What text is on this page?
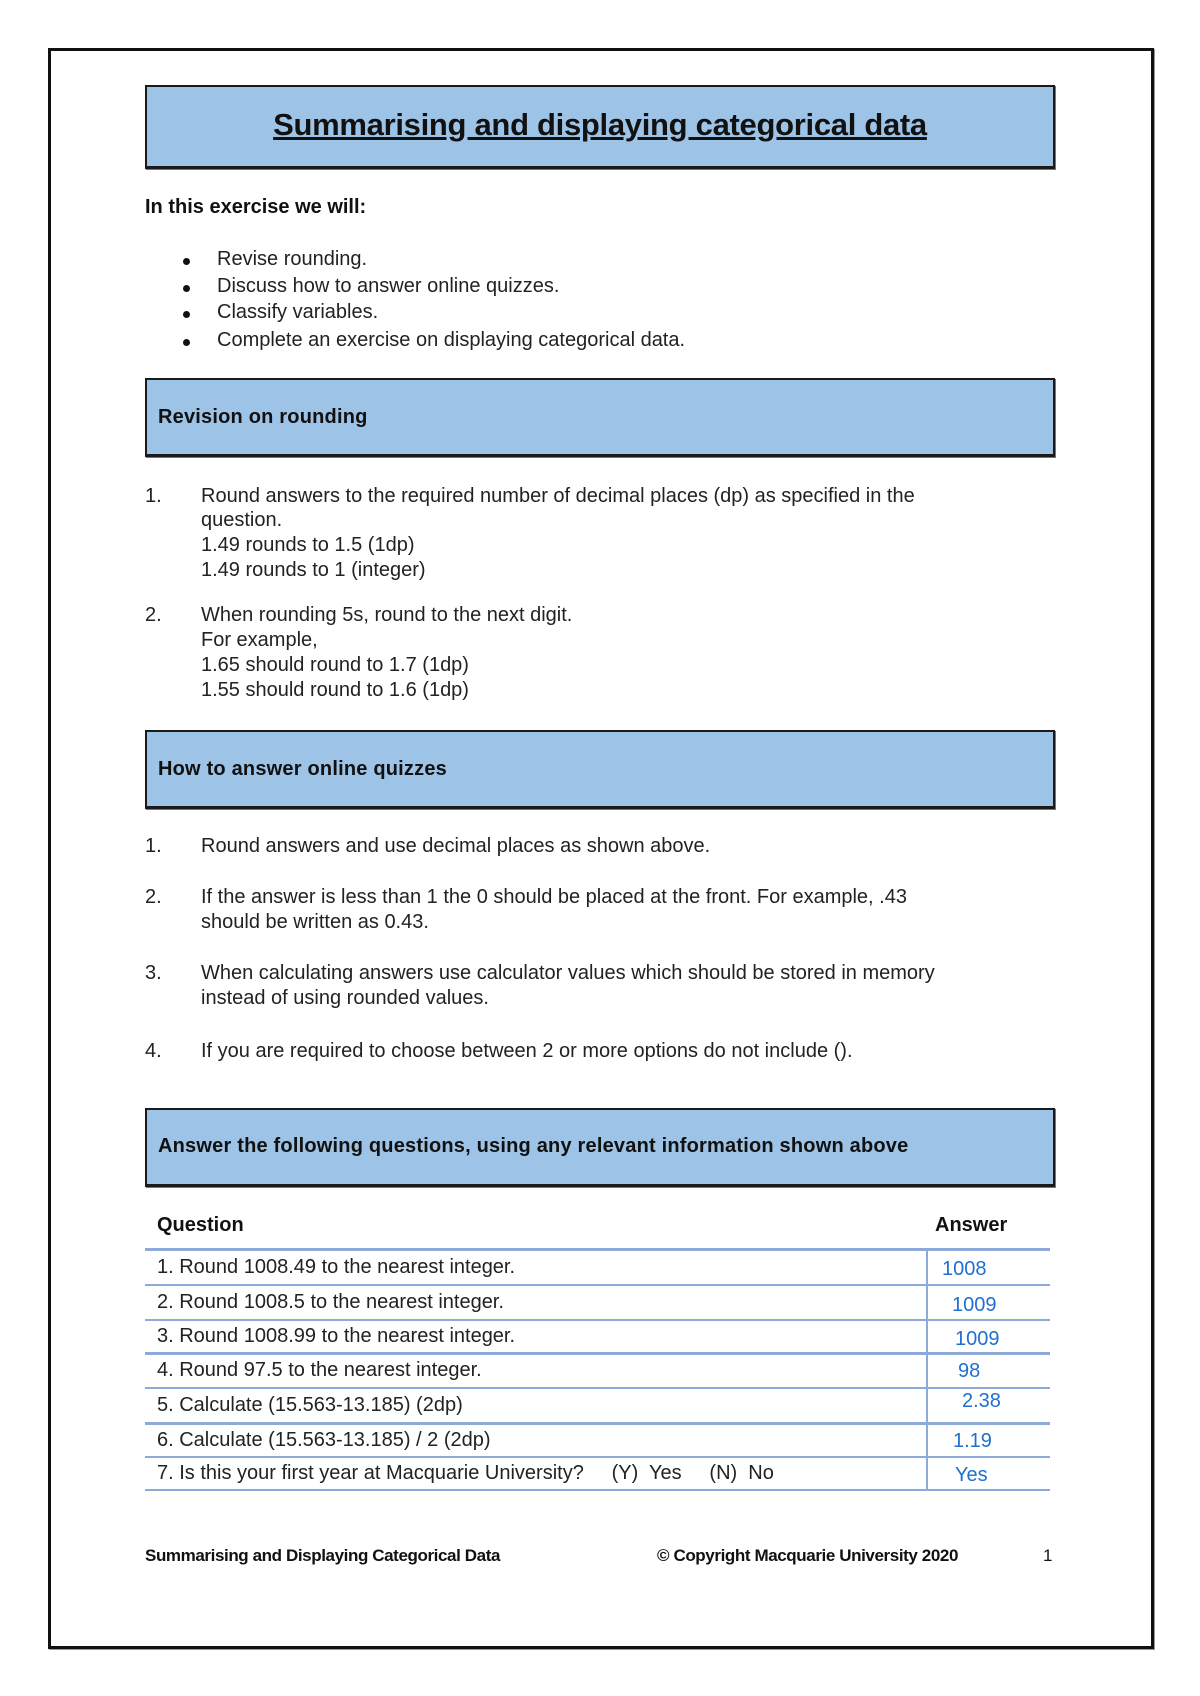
Summarising and displaying categorical data
In this exercise we will:
Revise rounding.
Discuss how to answer online quizzes.
Classify variables.
Complete an exercise on displaying categorical data.
Revision on rounding
1. Round answers to the required number of decimal places (dp) as specified in the
question.
1.49 rounds to 1.5 (1dp)
1.49 rounds to 1 (integer)
2. When rounding 5s, round to the next digit.
For example,
1.65 should round to 1.7 (1dp)
1.55 should round to 1.6 (1dp)
How to answer online quizzes
1. Round answers and use decimal places as shown above.
2. If the answer is less than 1 the 0 should be placed at the front. For example, .43
should be written as 0.43.
3. When calculating answers use calculator values which should be stored in memory
instead of using rounded values.
4. If you are required to choose between 2 or more options do not include ().
Answer the following questions, using any relevant information shown above
Question	Answer
1. Round 1008.49 to the nearest integer.	1008
2. Round 1008.5 to the nearest integer.	1009
3. Round 1008.99 to the nearest integer.	1009
4. Round 97.5 to the nearest integer.	98
5. Calculate (15.563-13.185) (2dp)	2.38
6. Calculate (15.563-13.185) / 2 (2dp)	1.19
7. Is this your first year at Macquarie University?     (Y)  Yes     (N)  No	Yes
Summarising and Displaying Categorical Data	© Copyright Macquarie University 2020	1
